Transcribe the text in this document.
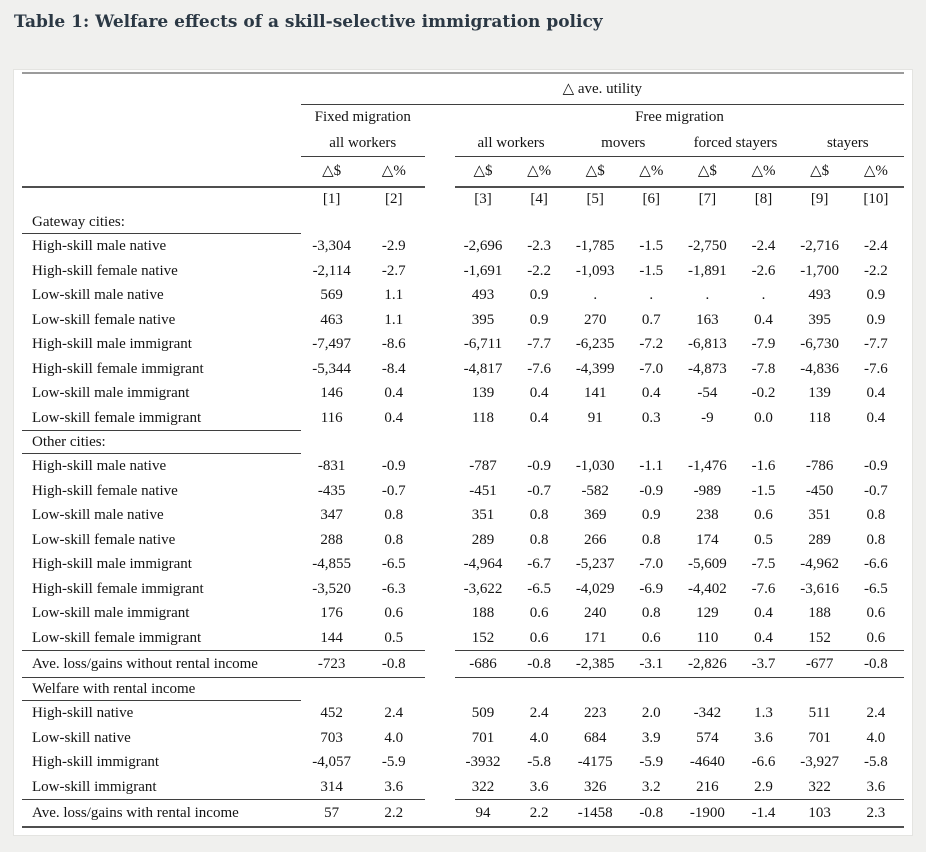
Table 1: Welfare effects of a skill-selective immigration policy
	△ ave. utility										
	Fixed migration			Free migration							
	all workers			all workers		movers		forced stayers		stayers	
	△$	△%		△$	△%	△$	△%	△$	△%	△$	△%
	[1]	[2]		[3]	[4]	[5]	[6]	[7]	[8]	[9]	[10]
Gateway cities:											
High-skill male native	-3,304	-2.9		-2,696	-2.3	-1,785	-1.5	-2,750	-2.4	-2,716	-2.4
High-skill female native	-2,114	-2.7		-1,691	-2.2	-1,093	-1.5	-1,891	-2.6	-1,700	-2.2
Low-skill male native	569	1.1		493	0.9	.	.	.	.	493	0.9
Low-skill female native	463	1.1		395	0.9	270	0.7	163	0.4	395	0.9
High-skill male immigrant	-7,497	-8.6		-6,711	-7.7	-6,235	-7.2	-6,813	-7.9	-6,730	-7.7
High-skill female immigrant	-5,344	-8.4		-4,817	-7.6	-4,399	-7.0	-4,873	-7.8	-4,836	-7.6
Low-skill male immigrant	146	0.4		139	0.4	141	0.4	-54	-0.2	139	0.4
Low-skill female immigrant	116	0.4		118	0.4	91	0.3	-9	0.0	118	0.4
Other cities:											
High-skill male native	-831	-0.9		-787	-0.9	-1,030	-1.1	-1,476	-1.6	-786	-0.9
High-skill female native	-435	-0.7		-451	-0.7	-582	-0.9	-989	-1.5	-450	-0.7
Low-skill male native	347	0.8		351	0.8	369	0.9	238	0.6	351	0.8
Low-skill female native	288	0.8		289	0.8	266	0.8	174	0.5	289	0.8
High-skill male immigrant	-4,855	-6.5		-4,964	-6.7	-5,237	-7.0	-5,609	-7.5	-4,962	-6.6
High-skill female immigrant	-3,520	-6.3		-3,622	-6.5	-4,029	-6.9	-4,402	-7.6	-3,616	-6.5
Low-skill male immigrant	176	0.6		188	0.6	240	0.8	129	0.4	188	0.6
Low-skill female immigrant	144	0.5		152	0.6	171	0.6	110	0.4	152	0.6
Ave. loss/gains without rental income	-723	-0.8		-686	-0.8	-2,385	-3.1	-2,826	-3.7	-677	-0.8
Welfare with rental income											
High-skill native	452	2.4		509	2.4	223	2.0	-342	1.3	511	2.4
Low-skill native	703	4.0		701	4.0	684	3.9	574	3.6	701	4.0
High-skill immigrant	-4,057	-5.9		-3932	-5.8	-4175	-5.9	-4640	-6.6	-3,927	-5.8
Low-skill immigrant	314	3.6		322	3.6	326	3.2	216	2.9	322	3.6
Ave. loss/gains with rental income	57	2.2		94	2.2	-1458	-0.8	-1900	-1.4	103	2.3
